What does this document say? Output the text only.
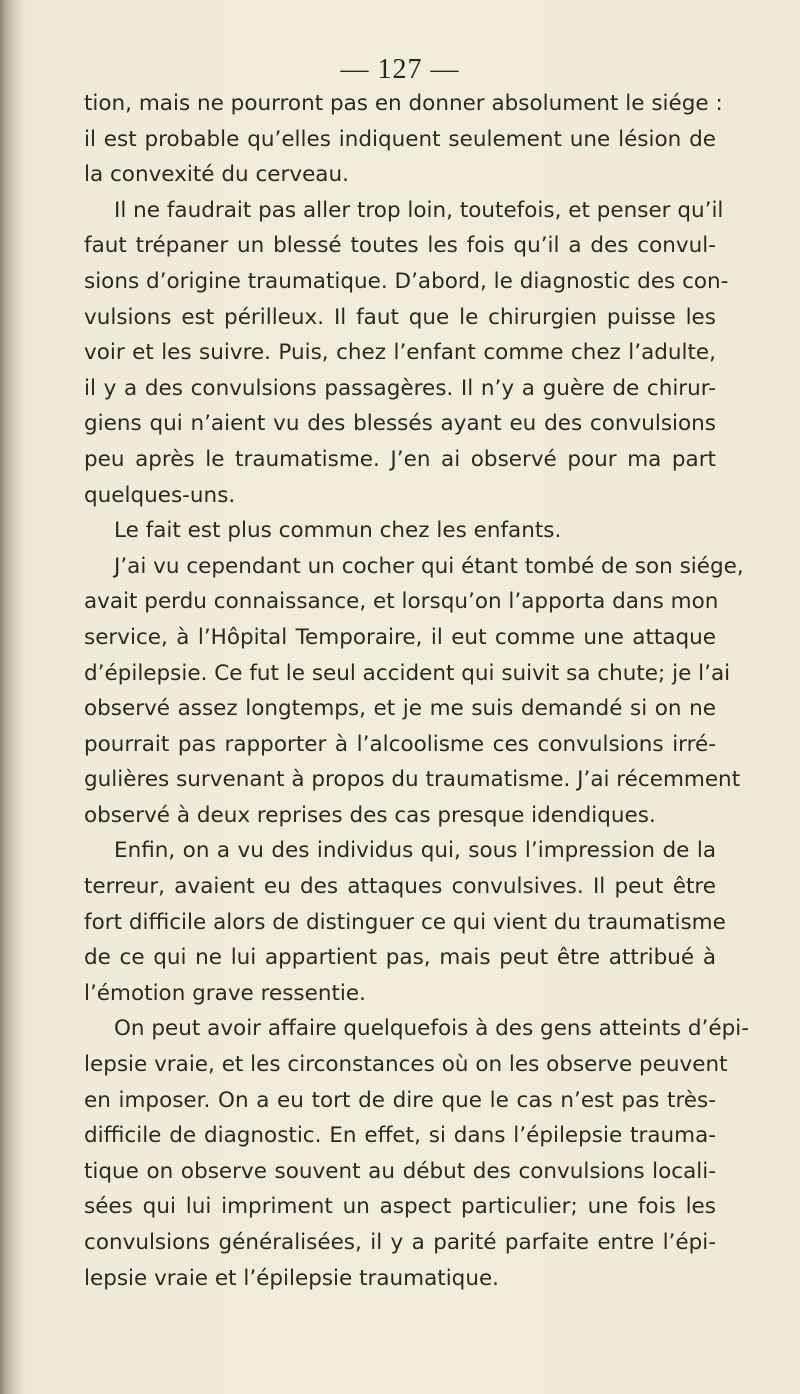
— 127 —
tion, mais ne pourront pas en donner absolument le siége :
il est probable qu’elles indiquent seulement une lésion de
la convexité du cerveau.
Il ne faudrait pas aller trop loin, toutefois, et penser qu’il
faut trépaner un blessé toutes les fois qu’il a des convul-
sions d’origine traumatique. D’abord, le diagnostic des con-
vulsions est périlleux. Il faut que le chirurgien puisse les
voir et les suivre. Puis, chez l’enfant comme chez l’adulte,
il y a des convulsions passagères. Il n’y a guère de chirur-
giens qui n’aient vu des blessés ayant eu des convulsions
peu après le traumatisme. J’en ai observé pour ma part
quelques-uns.
Le fait est plus commun chez les enfants.
J’ai vu cependant un cocher qui étant tombé de son siége,
avait perdu connaissance, et lorsqu’on l’apporta dans mon
service, à l’Hôpital Temporaire, il eut comme une attaque
d’épilepsie. Ce fut le seul accident qui suivit sa chute; je l’ai
observé assez longtemps, et je me suis demandé si on ne
pourrait pas rapporter à l’alcoolisme ces convulsions irré-
gulières survenant à propos du traumatisme. J’ai récemment
observé à deux reprises des cas presque idendiques.
Enfin, on a vu des individus qui, sous l’impression de la
terreur, avaient eu des attaques convulsives. Il peut être
fort difficile alors de distinguer ce qui vient du traumatisme
de ce qui ne lui appartient pas, mais peut être attribué à
l’émotion grave ressentie.
On peut avoir affaire quelquefois à des gens atteints d’épi-
lepsie vraie, et les circonstances où on les observe peuvent
en imposer. On a eu tort de dire que le cas n’est pas très-
difficile de diagnostic. En effet, si dans l’épilepsie trauma-
tique on observe souvent au début des convulsions locali-
sées qui lui impriment un aspect particulier; une fois les
convulsions généralisées, il y a parité parfaite entre l’épi-
lepsie vraie et l’épilepsie traumatique.
